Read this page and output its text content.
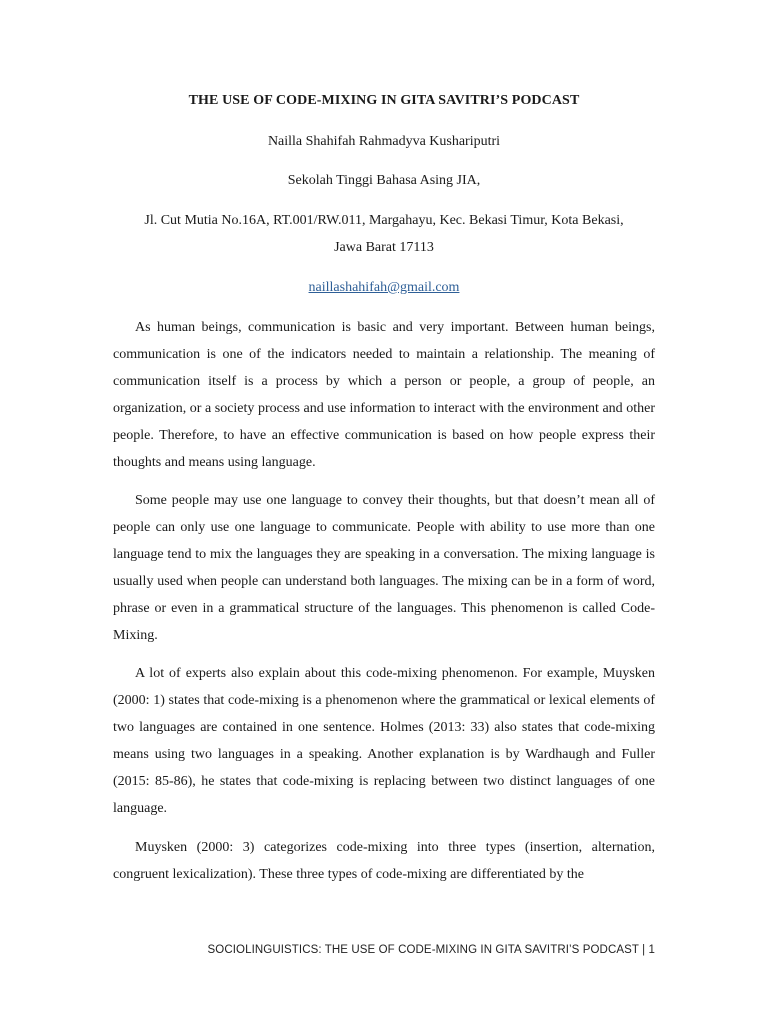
THE USE OF CODE-MIXING IN GITA SAVITRI’S PODCAST
Nailla Shahifah Rahmadyva Kushariputri
Sekolah Tinggi Bahasa Asing JIA,
Jl. Cut Mutia No.16A, RT.001/RW.011, Margahayu, Kec. Bekasi Timur, Kota Bekasi,
Jawa Barat 17113
naillashahifah@gmail.com

As human beings, communication is basic and very important. Between human beings, communication is one of the indicators needed to maintain a relationship. The meaning of communication itself is a process by which a person or people, a group of people, an organization, or a society process and use information to interact with the environment and other people. Therefore, to have an effective communication is based on how people express their thoughts and means using language.

Some people may use one language to convey their thoughts, but that doesn’t mean all of people can only use one language to communicate. People with ability to use more than one language tend to mix the languages they are speaking in a conversation. The mixing language is usually used when people can understand both languages. The mixing can be in a form of word, phrase or even in a grammatical structure of the languages. This phenomenon is called Code-Mixing.

A lot of experts also explain about this code-mixing phenomenon. For example, Muysken (2000: 1) states that code-mixing is a phenomenon where the grammatical or lexical elements of two languages are contained in one sentence. Holmes (2013: 33) also states that code-mixing means using two languages in a speaking. Another explanation is by Wardhaugh and Fuller (2015: 85-86), he states that code-mixing is replacing between two distinct languages of one language.

Muysken (2000: 3) categorizes code-mixing into three types (insertion, alternation, congruent lexicalization). These three types of code-mixing are differentiated by the

SOCIOLINGUISTICS: THE USE OF CODE-MIXING IN GITA SAVITRI’S PODCAST | 1
